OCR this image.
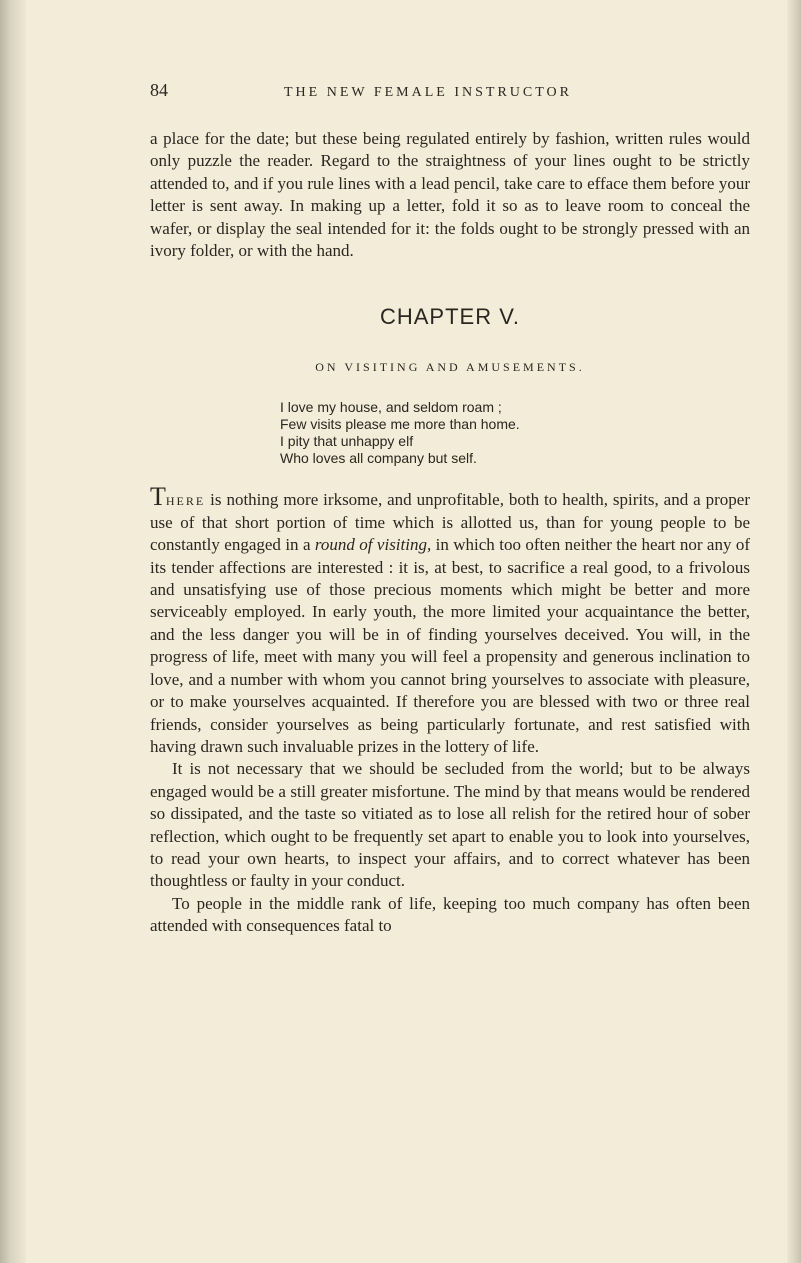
84	THE NEW FEMALE INSTRUCTOR

a place for the date; but these being regulated entirely by fashion, written rules would only puzzle the reader. Regard to the straightness of your lines ought to be strictly attended to, and if you rule lines with a lead pencil, take care to efface them before your letter is sent away. In making up a letter, fold it so as to leave room to conceal the wafer, or display the seal intended for it: the folds ought to be strongly pressed with an ivory folder, or with the hand.

CHAPTER V.
ON VISITING AND AMUSEMENTS.
I love my house, and seldom roam ;
Few visits please me more than home.
I pity that unhappy elf
Who loves all company but self.

There is nothing more irksome, and unprofitable, both to health, spirits, and a proper use of that short portion of time which is allotted us, than for young people to be constantly engaged in a round of visiting, in which too often neither the heart nor any of its tender affections are interested : it is, at best, to sacrifice a real good, to a frivolous and unsatisfying use of those precious moments which might be better and more serviceably employed. In early youth, the more limited your acquaintance the better, and the less danger you will be in of finding yourselves deceived. You will, in the progress of life, meet with many you will feel a propensity and generous inclination to love, and a number with whom you cannot bring yourselves to associate with pleasure, or to make yourselves acquainted. If therefore you are blessed with two or three real friends, consider yourselves as being particularly fortunate, and rest satisfied with having drawn such invaluable prizes in the lottery of life.

It is not necessary that we should be secluded from the world; but to be always engaged would be a still greater misfortune. The mind by that means would be rendered so dissipated, and the taste so vitiated as to lose all relish for the retired hour of sober reflection, which ought to be frequently set apart to enable you to look into yourselves, to read your own hearts, to inspect your affairs, and to correct whatever has been thoughtless or faulty in your conduct.

To people in the middle rank of life, keeping too much company has often been attended with consequences fatal to
